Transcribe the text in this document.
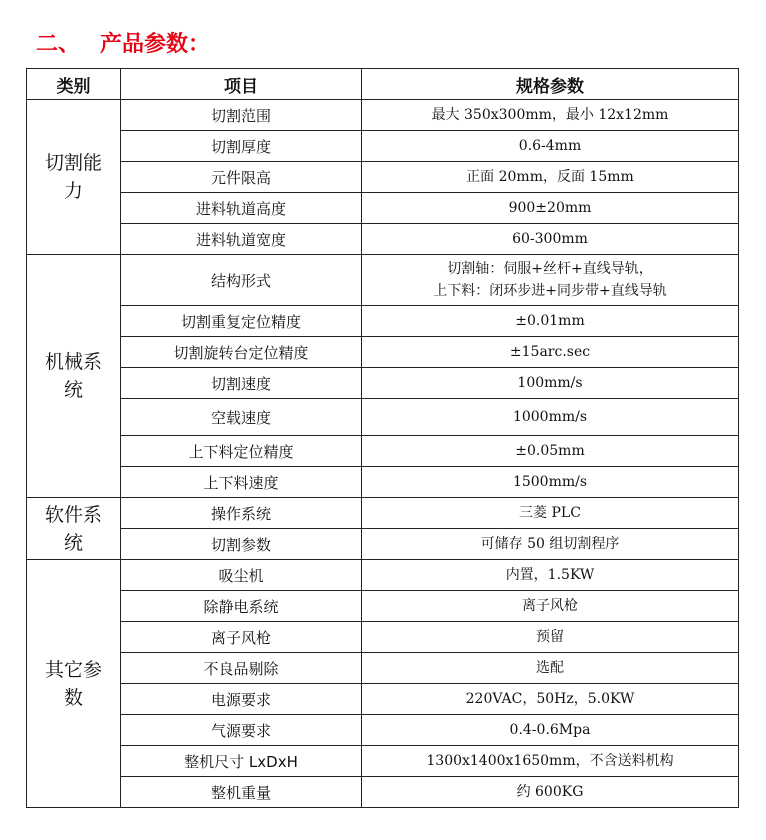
二、 产品参数：
类别	项目	规格参数
切割能力	切割范围	最大 350x300mm，最小 12x12mm

	切割厚度	0.6-4mm

	元件限高	正面 20mm，反面 15mm

	进料轨道高度	900±20mm

	进料轨道宽度	60-300mm

机械系统	结构形式	切割轴：伺服+丝杆+直线导轨，
上下料：闭环步进+同步带+直线导轨

	切割重复定位精度	±0.01mm

	切割旋转台定位精度	±15arc.sec

	切割速度	100mm/s

	空载速度	1000mm/s

	上下料定位精度	±0.05mm

	上下料速度	1500mm/s

软件系统	操作系统	三菱 PLC

	切割参数	可储存 50 组切割程序

其它参数	吸尘机	内置，1.5KW

	除静电系统	离子风枪

	离子风枪	预留

	不良品剔除	选配

	电源要求	220VAC，50Hz，5.0KW

	气源要求	0.4-0.6Mpa

	整机尺寸 LxDxH	1300x1400x1650mm，不含送料机构

	整机重量	约 600KG
